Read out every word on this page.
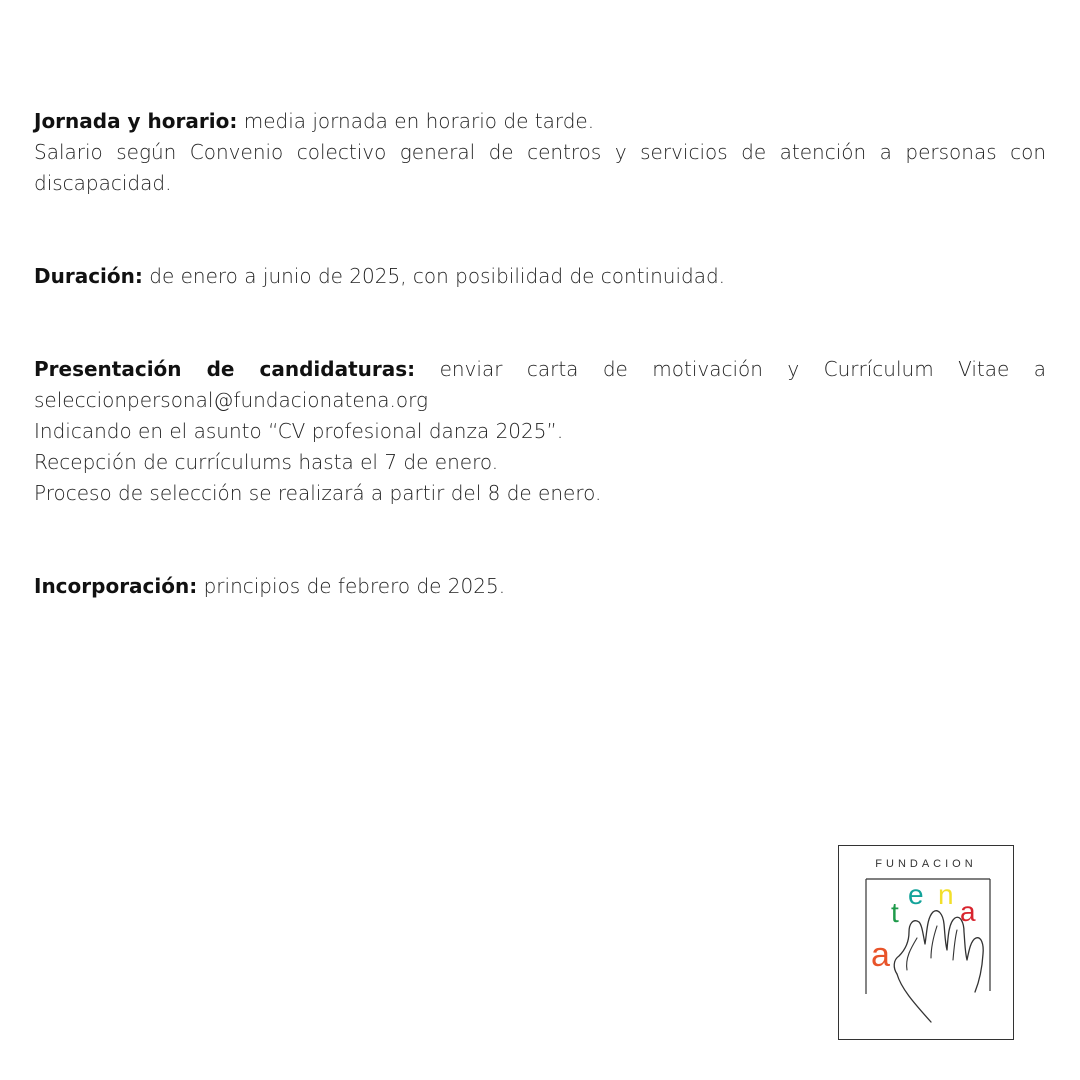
Jornada y horario: media jornada en horario de tarde.
Salario según Convenio colectivo general de centros y servicios de atención a personas con discapacidad.

Duración: de enero a junio de 2025, con posibilidad de continuidad.

Presentación de candidaturas: enviar carta de motivación y Currículum Vitae a
seleccionpersonal@fundacionatena.org
Indicando en el asunto “CV profesional danza 2025”.
Recepción de currículums hasta el 7 de enero.
Proceso de selección se realizará a partir del 8 de enero.

Incorporación: principios de febrero de 2025.

FUNDACION
a
t
e n
a
